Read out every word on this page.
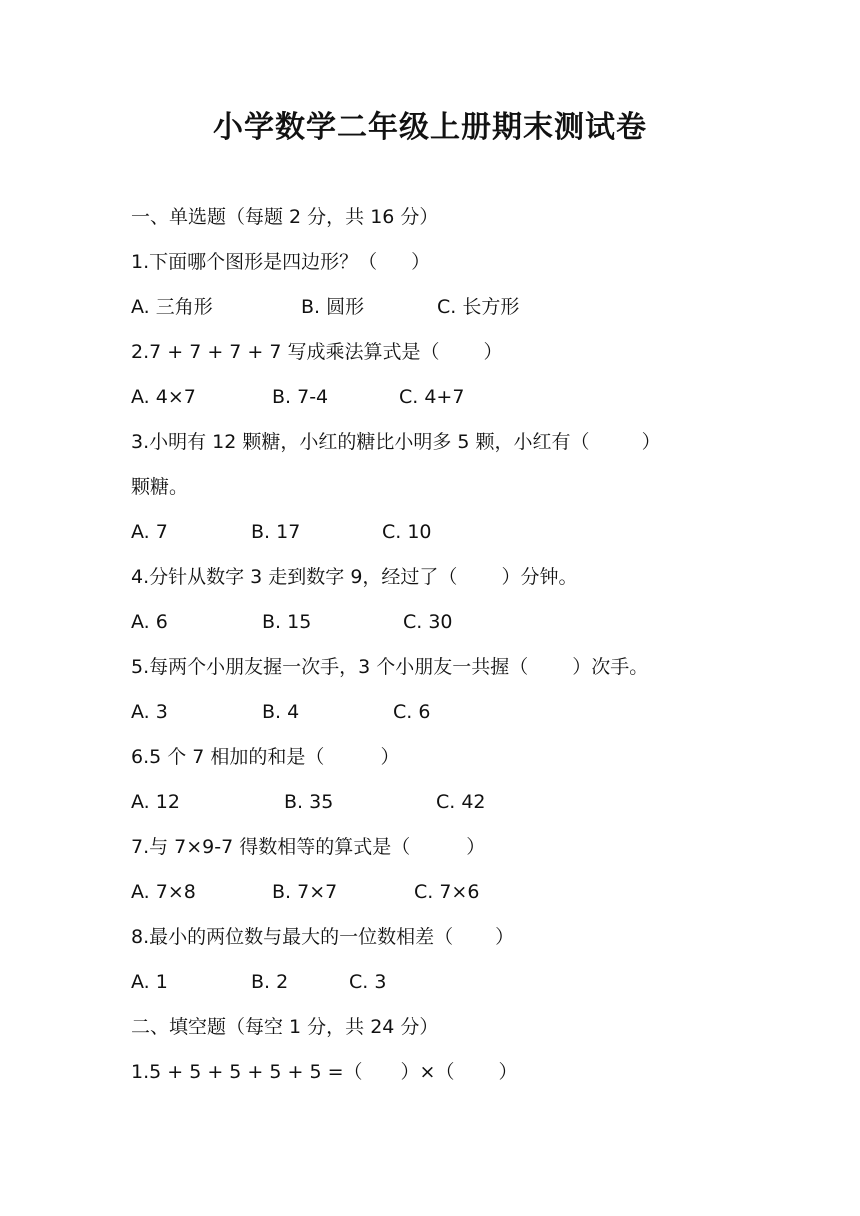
小学数学二年级上册期末测试卷
一、单选题（每题 2 分，共 16 分）
1.下面哪个图形是四边形？（ ）
A. 三角形	B. 圆形	C. 长方形
2.7 + 7 + 7 + 7 写成乘法算式是（ ）
A. 4×7	B. 7-4	C. 4+7
3.小明有 12 颗糖，小红的糖比小明多 5 颗，小红有（	）
颗糖。
A. 7	B. 17	C. 10
4.分针从数字 3 走到数字 9，经过了（ ）分钟。
A. 6	B. 15	C. 30
5.每两个小朋友握一次手，3 个小朋友一共握（ ）次手。
A. 3	B. 4	C. 6
6.5 个 7 相加的和是（	）
A. 12	B. 35	C. 42
7.与 7×9-7 得数相等的算式是（	）
A. 7×8	B. 7×7	C. 7×6
8.最小的两位数与最大的一位数相差（ ）
A. 1	B. 2	C. 3
二、填空题（每空 1 分，共 24 分）
1.5 + 5 + 5 + 5 + 5 =（ ）×（ ）
